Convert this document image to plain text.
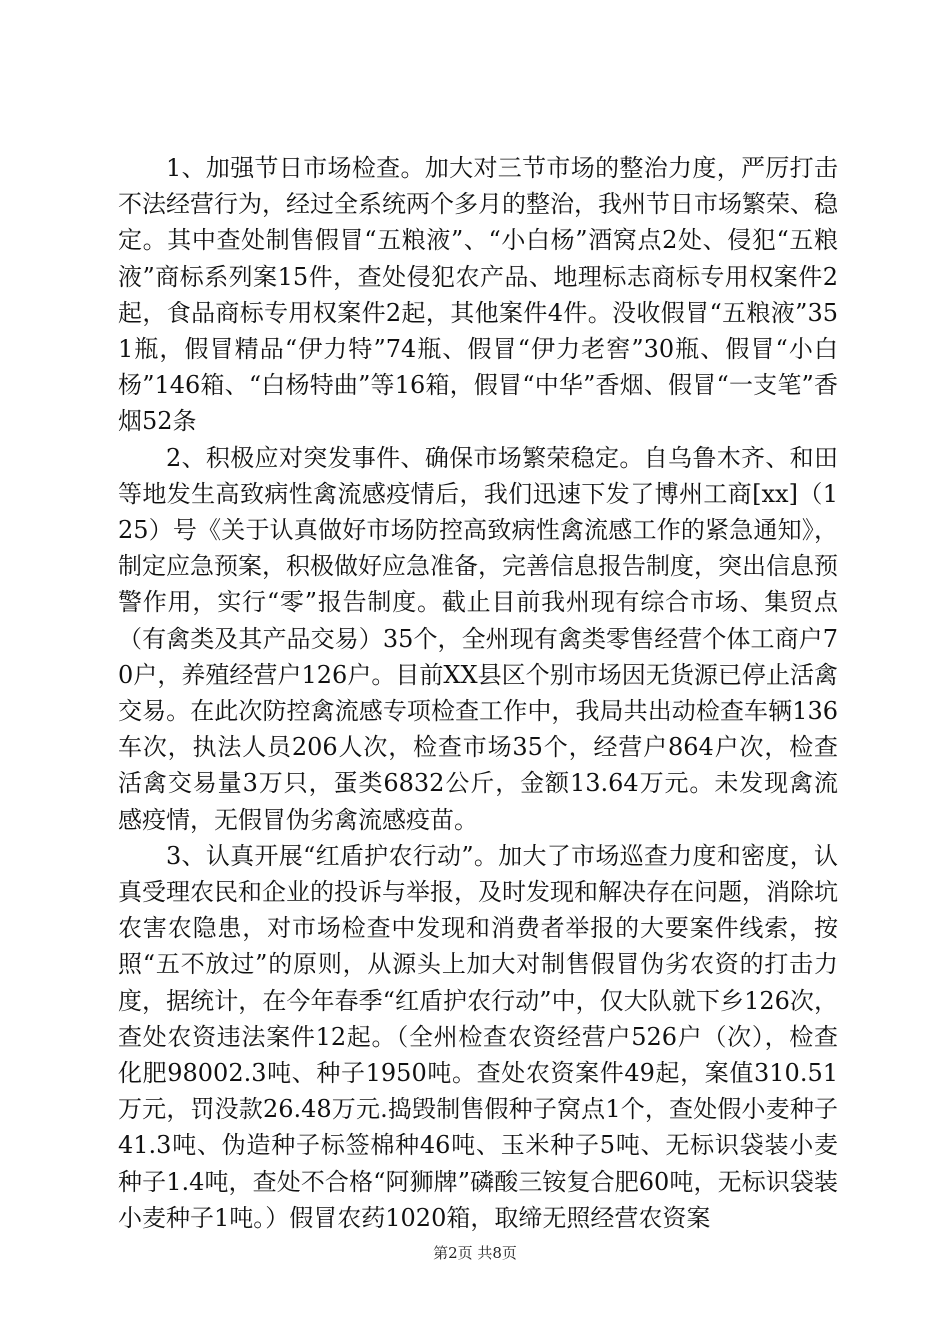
1、加强节日市场检查。加大对三节市场的整治力度，严厉打击不法经营行为，经过全系统两个多月的整治，我州节日市场繁荣、稳定。其中查处制售假冒“五粮液”、“小白杨”酒窝点2处、侵犯“五粮液”商标系列案15件，查处侵犯农产品、地理标志商标专用权案件2起，食品商标专用权案件2起，其他案件4件。没收假冒“五粮液”351瓶，假冒精品“伊力特”74瓶、假冒“伊力老窖”30瓶、假冒“小白杨”146箱、“白杨特曲”等16箱，假冒“中华”香烟、假冒“一支笔”香烟52条

2、积极应对突发事件、确保市场繁荣稳定。自乌鲁木齐、和田等地发生高致病性禽流感疫情后，我们迅速下发了博州工商[xx]（125）号《关于认真做好市场防控高致病性禽流感工作的紧急通知》，制定应急预案，积极做好应急准备，完善信息报告制度，突出信息预警作用，实行“零”报告制度。截止目前我州现有综合市场、集贸点（有禽类及其产品交易）35个，全州现有禽类零售经营个体工商户70户，养殖经营户126户。目前XX县区个别市场因无货源已停止活禽交易。在此次防控禽流感专项检查工作中，我局共出动检查车辆136车次，执法人员206人次，检查市场35个，经营户864户次，检查活禽交易量3万只，蛋类6832公斤，金额13.64万元。未发现禽流感疫情，无假冒伪劣禽流感疫苗。

3、认真开展“红盾护农行动”。加大了市场巡查力度和密度，认真受理农民和企业的投诉与举报，及时发现和解决存在问题，消除坑农害农隐患，对市场检查中发现和消费者举报的大要案件线索，按照“五不放过”的原则，从源头上加大对制售假冒伪劣农资的打击力度，据统计，在今年春季“红盾护农行动”中，仅大队就下乡126次，查处农资违法案件12起。（全州检查农资经营户526户（次），检查化肥98002.3吨、种子1950吨。查处农资案件49起，案值310.51万元，罚没款26.48万元.捣毁制售假种子窝点1个，查处假小麦种子41.3吨、伪造种子标签棉种46吨、玉米种子5吨、无标识袋装小麦种子1.4吨，查处不合格“阿狮牌”磷酸三铵复合肥60吨，无标识袋装小麦种子1吨。）假冒农药1020箱，取缔无照经营农资案

第2页 共8页
